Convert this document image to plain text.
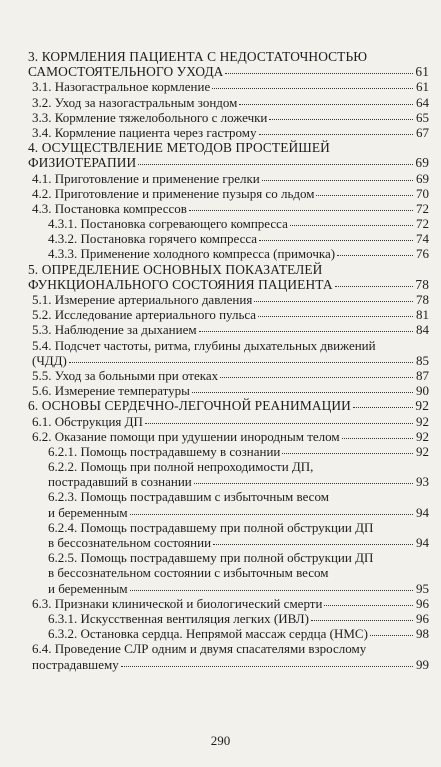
3. КОРМЛЕНИЯ ПАЦИЕНТА С НЕДОСТАТОЧНОСТЬЮ
САМОСТОЯТЕЛЬНОГО УХОДА	61
3.1. Назогастральное кормление	61
3.2. Уход за назогастральным зондом	64
3.3. Кормление тяжелобольного с ложечки	65
3.4. Кормление пациента через гастрому	67
4. ОСУЩЕСТВЛЕНИЕ МЕТОДОВ ПРОСТЕЙШЕЙ
ФИЗИОТЕРАПИИ	69
4.1. Приготовление и применение грелки	69
4.2. Приготовление и применение пузыря со льдом	70
4.3. Постановка компрессов	72
4.3.1. Постановка согревающего компресса	72
4.3.2. Постановка горячего компресса	74
4.3.3. Применение холодного компресса (примочка)	76
5. ОПРЕДЕЛЕНИЕ ОСНОВНЫХ ПОКАЗАТЕЛЕЙ
ФУНКЦИОНАЛЬНОГО СОСТОЯНИЯ ПАЦИЕНТА	78
5.1. Измерение артериального давления	78
5.2. Исследование артериального пульса	81
5.3. Наблюдение за дыханием	84
5.4. Подсчет частоты, ритма, глубины дыхательных движений
(ЧДД)	85
5.5. Уход за больными при отеках	87
5.6. Измерение температуры	90
6. ОСНОВЫ СЕРДЕЧНО-ЛЕГОЧНОЙ РЕАНИМАЦИИ	92
6.1. Обструкция ДП	92
6.2. Оказание помощи при удушении инородным телом	92
6.2.1. Помощь пострадавшему в сознании	92
6.2.2. Помощь при полной непроходимости ДП,
пострадавший в сознании	93
6.2.3. Помощь пострадавшим с избыточным весом
и беременным	94
6.2.4. Помощь пострадавшему при полной обструкции ДП
в бессознательном состоянии	94
6.2.5. Помощь пострадавшему при полной обструкции ДП
в бессознательном состоянии с избыточным весом
и беременным	95
6.3. Признаки клинической и биологический смерти	96
6.3.1. Искусственная вентиляция легких (ИВЛ)	96
6.3.2. Остановка сердца. Непрямой массаж сердца (НМС)	98
6.4. Проведение СЛР одним и двумя спасателями взрослому
пострадавшему	99
290
